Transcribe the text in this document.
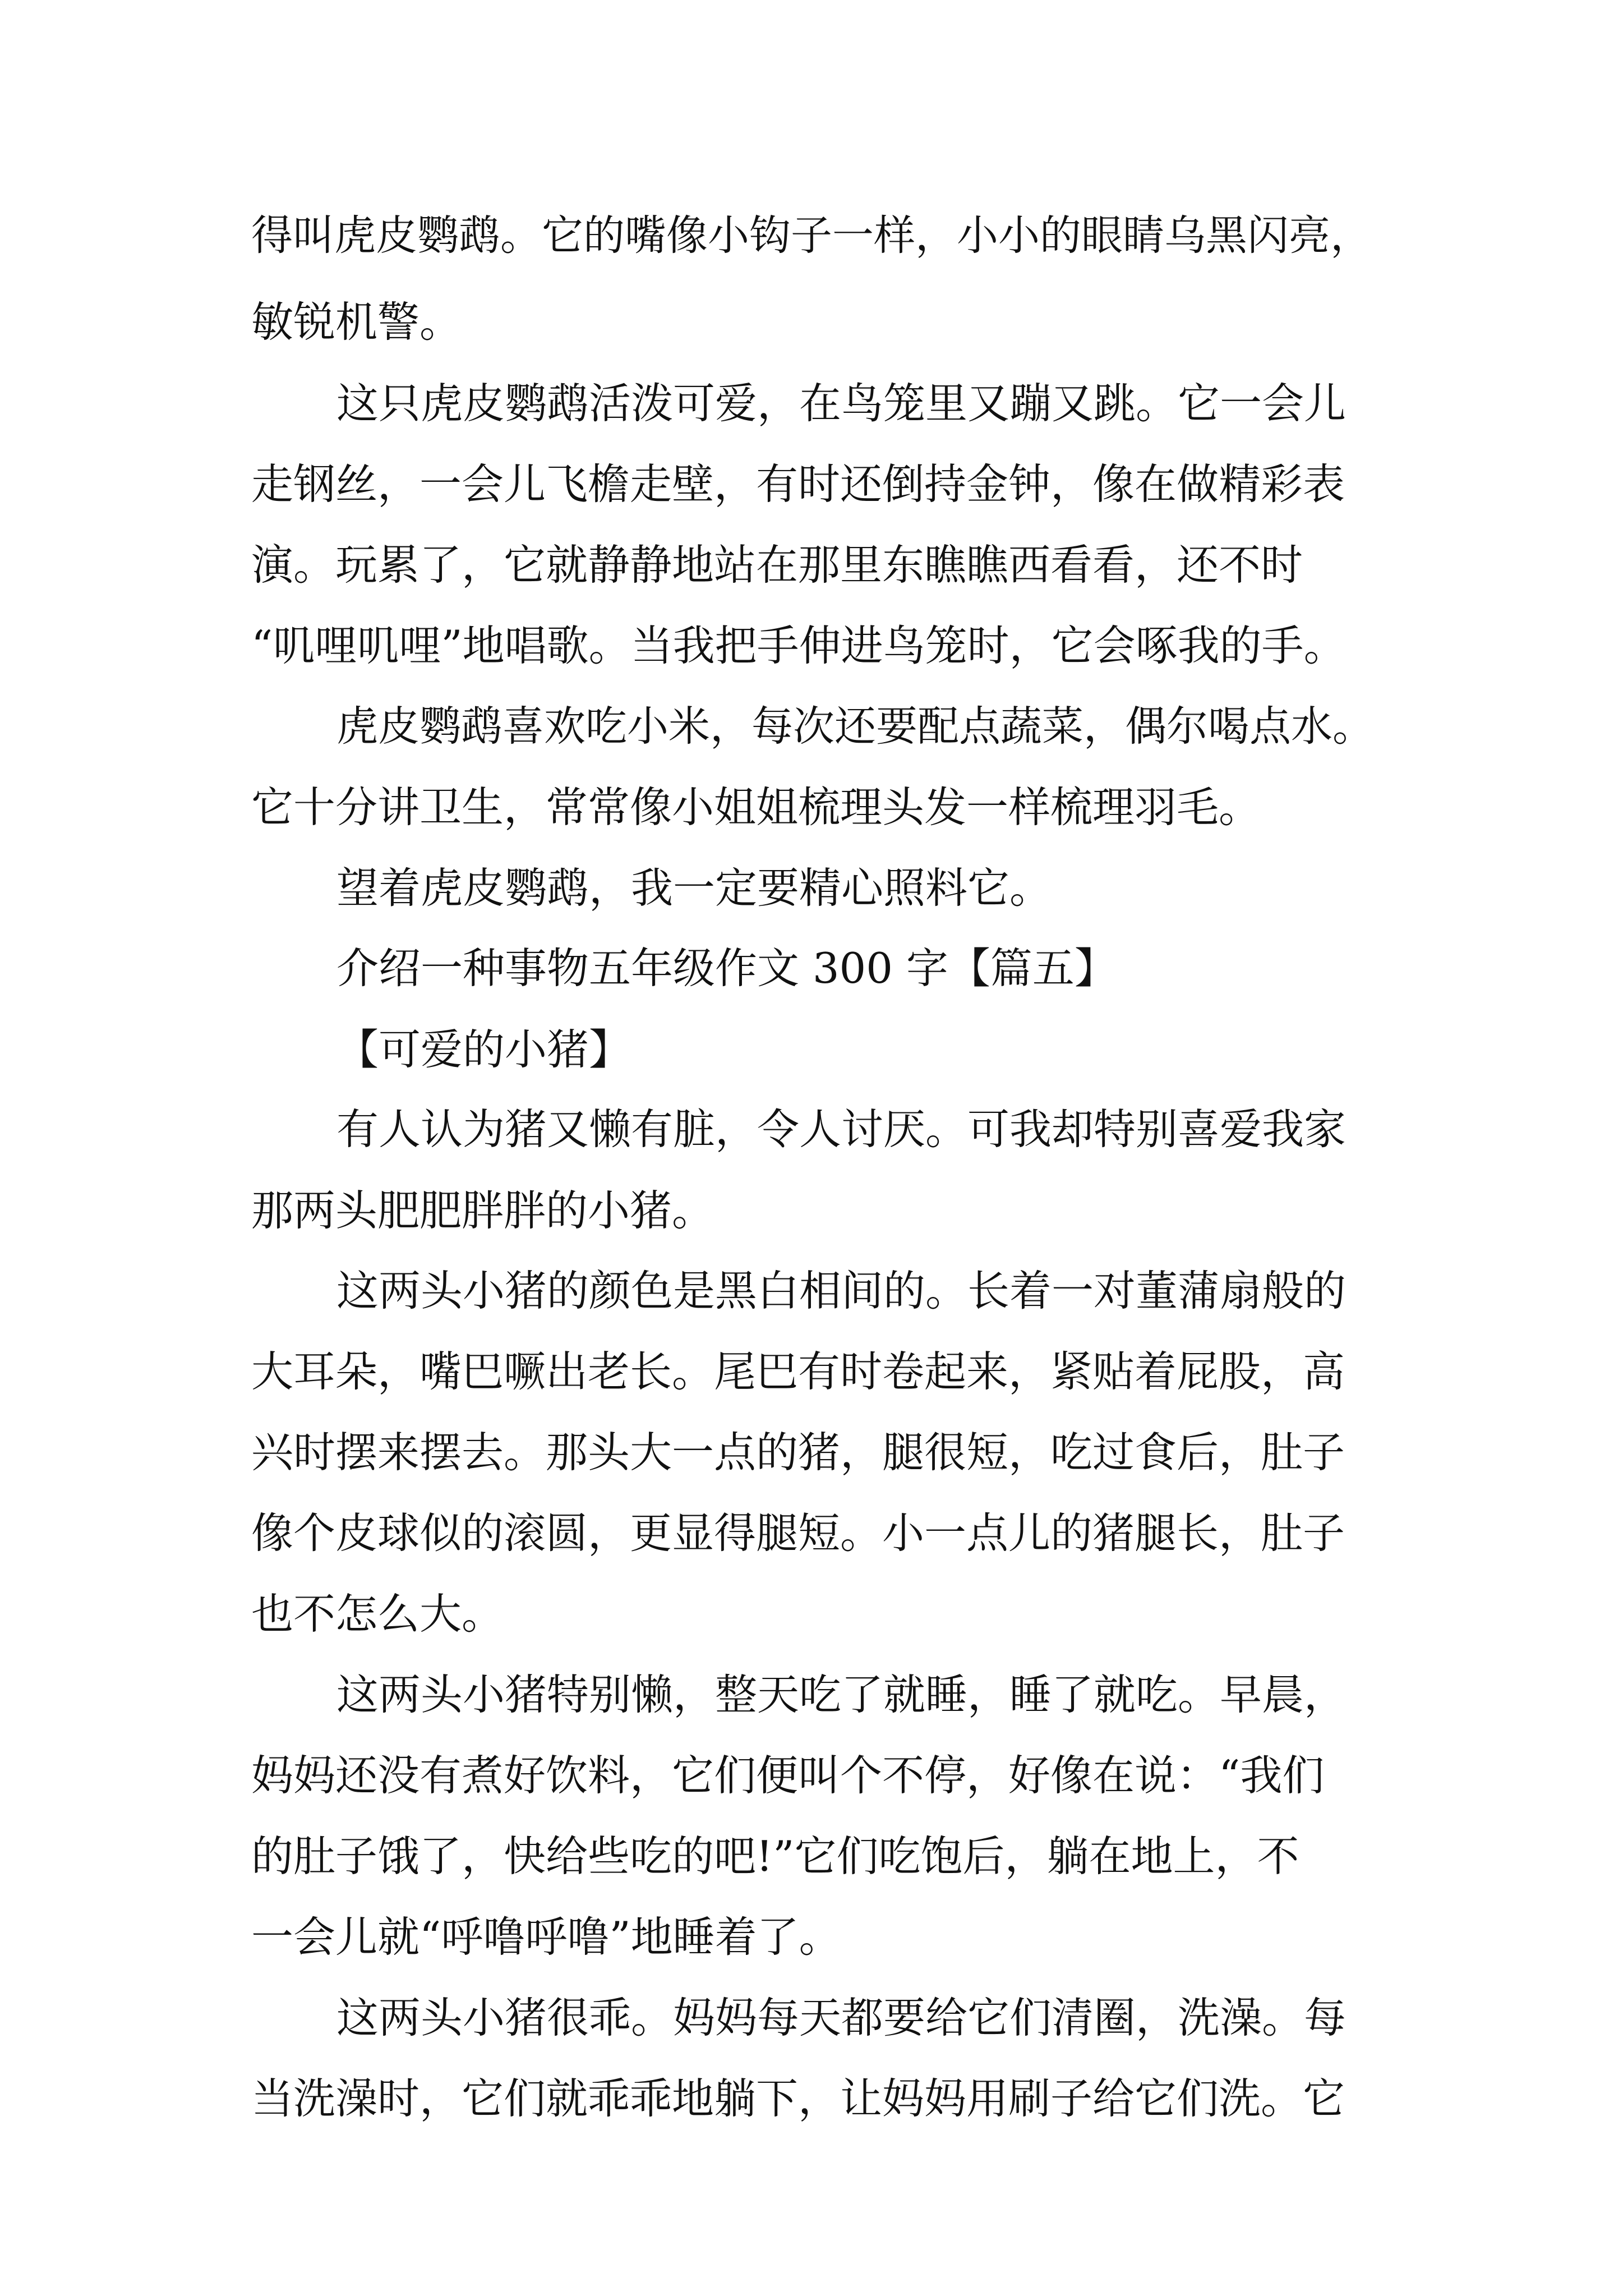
得叫虎皮鹦鹉。它的嘴像小钩子一样，小小的眼睛乌黑闪亮，

敏锐机警。

这只虎皮鹦鹉活泼可爱，在鸟笼里又蹦又跳。它一会儿

走钢丝，一会儿飞檐走壁，有时还倒持金钟，像在做精彩表

演。玩累了，它就静静地站在那里东瞧瞧西看看，还不时

“叽哩叽哩”地唱歌。当我把手伸进鸟笼时，它会啄我的手。

虎皮鹦鹉喜欢吃小米，每次还要配点蔬菜，偶尔喝点水。

它十分讲卫生，常常像小姐姐梳理头发一样梳理羽毛。

望着虎皮鹦鹉，我一定要精心照料它。

介绍一种事物五年级作文 300 字【篇五】

【可爱的小猪】

有人认为猪又懒有脏，令人讨厌。可我却特别喜爱我家

那两头肥肥胖胖的小猪。

这两头小猪的颜色是黑白相间的。长着一对董蒲扇般的

大耳朵，嘴巴噘出老长。尾巴有时卷起来，紧贴着屁股，高

兴时摆来摆去。那头大一点的猪，腿很短，吃过食后，肚子

像个皮球似的滚圆，更显得腿短。小一点儿的猪腿长，肚子

也不怎么大。

这两头小猪特别懒，整天吃了就睡，睡了就吃。早晨，

妈妈还没有煮好饮料，它们便叫个不停，好像在说：“我们

的肚子饿了，快给些吃的吧!”它们吃饱后，躺在地上，不

一会儿就“呼噜呼噜”地睡着了。

这两头小猪很乖。妈妈每天都要给它们清圈，洗澡。每

当洗澡时，它们就乖乖地躺下，让妈妈用刷子给它们洗。它
